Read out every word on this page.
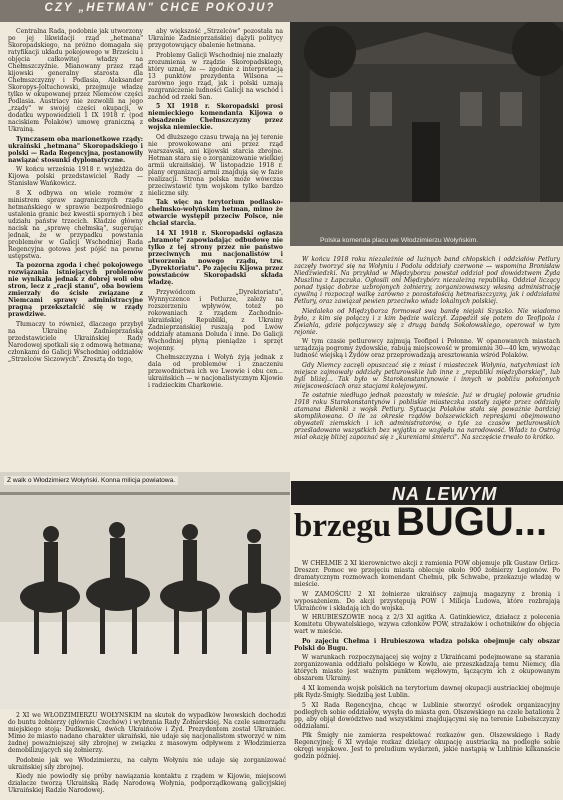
CZY „HETMAN" CHCE POKOJU?

Centralna Rada, podobnie jak utworzony po jej likwidacji rząd „hetmana" Skoropadskiego, na próżno domagała się ratyfikacji układu pokojowego w Brześciu i objęcia całkowitej władzy na Chełmszczyźnie. Mianowany przez rząd kijowski generalny starosta dla Chełmszczyzny i Podlasia, Aleksander Skoropys-Joltuchowski, przejmuje władzę tylko w okupowanej przez Niemców części Podlasia. Austriacy nie zezwolili na jego „rządy" w swojej części okupacji, w dodatku wypowiedzieli 1 IX 1918 r. (pod naciskiem Polaków) umowę graniczną z Ukrainą.

Tymczasem oba marionetkowe rządy: ukraiński „hetmana" Skoropadskiego i polski — Rada Regencyjna, postanowiły nawiązać stosunki dyplomatyczne.

W końcu września 1918 r. wyjeżdża do Kijowa polski przedstawiciel Rady — Stanisław Wańkowicz.

8 X odbywa on wiele rozmów z ministrem spraw zagranicznych rządu hetmańskiego w sprawie bezpośredniego ustalenia granic bez kwestii spornych i bez udziału państw trzecich. Kładzie główny nacisk na „sprawę chełmską", sugerując jednak, że w przypadku powstania problemów w Galicji Wschodniej Rada Regencyjna gotowa jest pójść na pewne ustępstwa.

Ta pozorna zgoda i chęć pokojowego rozwiązania istniejących problemów nie wynikała jednak z dobrej woli obu stron, lecz z „racji stanu", oba bowiem zmierzały do ścisłe związane z Niemcami sprawy administracyjne pragną przekształcić się w rządy prawdziwe.

Tłumaczy to również, dlaczego przybył na Ukrainę Zadnieprzańską przedstawiciele Ukraińskiej Rady Narodowej spotkali się z odmową hetmana; członkami do Galicji Wschodniej oddziałów „Strzelców Siczowych". Zresztą do tego,

aby większość „Strzelców" pozostała na Ukrainie Zadnieprzańskiej dążyli politycy przygotowujący obalenie hetmana.

Problemy Galicji Wschodniej nie znalazły zrozumienia w rządzie Skoropadskiego, który uznał, że — zgodnie z interpretacją 13 punktów prezydenta Wilsona — zarówno jego rząd, jak i polski uznają rozgraniczenie ludności Galicji na wschód i zachód od rzeki San.

5 XI 1918 r. Skoropadski prosi niemieckiego komendanta Kijowa o obsadzenie Chełmszczyzny przez wojska niemieckie.

Od dłuższego czasu trwają na jej terenie nie prowokowane ani przez rząd warszawski, ani kijowski starcia zbrojne. Hetman stara się o zorganizowanie wielkiej armii ukraińskiej. W listopadzie 1918 r. plany organizacji armii znajdują się w fazie realizacji. Strona polska może wówczas przeciwstawić tym wojskom tylko bardzo nieliczne siły.

Tak więc na terytorium podlasko-chełmsko-wołyńskim hetman, mimo że otwarcie występił przeciw Polsce, nie chciał starcia.

14 XI 1918 r. Skoropadski ogłasza „hramotę" zapowiadając odbudowę nie tylko z tej strony przez nie państwo przeciwnych mu nacjonalistów i utworzenia nowego rządu, tzw. „Dyrektoriatu". Po zajęciu Kijowa przez powstańców Skoropadski składa władzę.

Przywódcom „Dyrektoriatu", Wynnyczence i Petlurze, zależy na rozszerzeniu wpływów, toteż po rokowaniach z rządem Zachodnio-ukraińskiej Republiki, z Ukrainy Zadnieprzańskiej ruszają pod Lwów oddziały atamana Doluda i inne. Do Galicji Wschodniej płyną pieniądze i sprzęt wojenny.

Chełmszczyzna i Wołyń żyją jednak z dala od problemów i znaczeniu przewodnictwa ich we Lwowie i obu cen... ukraińskich — w nacjonalistycznym Kijowie i radzieckim Charkowie.

Polska komenda placu we Włodzimierzu Wołyńskim.

W końcu 1918 roku niezależnie od lużnych band chłopskich i oddziałów Petlury zaczęły tworzyć się na Wołyniu i Podolu oddziały czerwone — wspomina Bronisław Niedźwiedzki. Na przykład w Międzyborzu powstał oddział pod dowództwem Żyda Muszlina z Łapczuka. Ogłosili oni Międzybórz niezależną republiką. Oddział liczący ponad tysiąc dobrze uzbrojonych żołnierzy, zorganizowawszy własną administrację cywilną i rozpoczął walkę zarówno z pozostałością hetmańszczyzny, jak i oddziałami Petlury, oraz zawiązał pewien przeciwko władz lokalnych polskiej.

Niedaleko od Międzyborza formował swą bandę niejaki Szyszko. Nie wiadomo było, z kim się połączy i z kim będzie walczył. Zapędził się potem do Teofipola i Zwiahla, gdzie połączywszy się z drugą bandą Sokołowskiego, operował w tym rejonie.

W tym czasie petlurowcy zajmują Teofipol i Połonne. W opanowanych miastach urządzają pogromy żydowskie, rabują miejscowość w promieniu 30—40 km, wywożąc ludność wiejską i Żydów oraz przeprowadzają aresztowania wśród Polaków.

Gdy Niemcy zaczęli opuszczać się z miast i miasteczek Wołynia, natychmiast ich miejsce zajmowały oddziały petlurowskie lub inne z „republiki międzyborskiej", lub byli bliżej... Tak było w Starokonstantynowie i innych w pobliżu położonych miejscowościach oraz stacjami kolejowymi.

Te ostatnie niedługo jednak pozostały w mieście. Już w drugiej połowie grudnia 1918 roku Starokonstantynów i pobliskie miasteczka zostały zajęte przez oddziały atamana Bidenki z wojsk Petlury. Sytuacja Polaków stała się poważnie bardziej skomplikowana. O ile za okresie rządów bolszewickich represjami obejmowano obywateli ziemskich i ich administratorów, o tyle za czasów petlurowskich prześladowano wszystkich bez wyjątku ze względu na narodowość. Władz to Ostróg miał okazję bliżej zapoznać się z „kureniami śmierci". Na szczęście trwało to krótko.

NA LEWYM
brzegu BUGU...

W CHEŁMIE 2 XI kierownictwo akcji z ramienia POW objemuje płk Gustaw Orlicz-Dreszer. Pomoc we przejęciu miasta oblecuje około 900 żołnierzy Legionów. Po dramatycznym rozmowach komendant Chełmu, płk Schwabe, przekazuje władzę w mieście.

W ZAMOŚCIU 2 XI żołnierze ukraińscy zajmują magazyny z bronią i wyposażeniem. Do akcji przystępują POW i Milicja Ludowa, które rozbrajają Ukraińców i składają ich do wojska.

W HRUBIESZOWIE nocą z 2/3 XI agitka A. Gatinkiewicz, działacz z polecenia Komitetu Obywatelskiego, wzywa członków POW, strażaków i ochotników do objęcia wart w mieście.

Po zajęciu Chełma i Hrubieszowa władza polska obejmuje cały obszar Polski do Bugu.

W warunkach rozpoczynającej się wojny z Ukraińcami podejmowane są starania zorganizowania oddziału polskiego w Kowlu, aie przeszkadzają temu Niemcy, dla których miasto jest ważnym punktem węzłowym, łączącym ich z okupowanym obszarem Ukrainy.

4 XI komenda wojsk polskich na terytorium dawnej okupacji austriackiej obejmuje płk Rydz-Śmigły. Siedzibą jest Lublin.

5 XI Rada Regencyjna, chcąc w Lublinie stworzyć ośrodek organizacyjny podległych sobie oddziałów, wysyła do miasta gen. Olszewskiego na czele batalionu 2 pp, aby objął dowództwo nad wszystkimi znajdującymi się na terenie Lubelszczyzny oddziałami.

Płk Śmigły nie zamierza respektować rozkazów gen. Olszewskiego i Rady Regencyjnej; 6 XI wydaje rozkaz dzielący okupację austriacką na podległe sobie okręgi wojskowe. Jest to preludium wydarzeń, jakie nastąpią w Lublinie kilkanaście godzin później.

Z walk o Włodzimierz Wołyński. Konna milicja powiatowa.

2 XI we WŁODZIMIERZU WOŁYŃSKIM na skutek do wypadków lwowskich dochodzi do buntu żołnierzy (głównie Czechów) i wybrania Rady Żołnierskiej. Na czele samorządu miejskiego stoją: Dudkowski, dwóch Ukraińców i Żyd. Prezydentem został Ukrainiec. Mimo że miasto nadano charakter ukraiński, nie udaje się nacjonalistom stworzyć w nim żadnej poważniejszej siły zbrojnej w związku z masowym odpływem z Włodzimierza demobilizujących się żołnierzy.

Podobnie jak we Włodzimierzu, na całym Wołyniu nie udaje się zorganizować ukraińskiej siły zbrojnej.

Kiedy nie powiodły się próby nawiązania kontaktu z rządem w Kijowie, miejscowi działacze tworzą Ukraińską Radę Narodową Wołynia, podporządkowaną galicyjskiej Ukraińskiej Radzie Narodowej.
